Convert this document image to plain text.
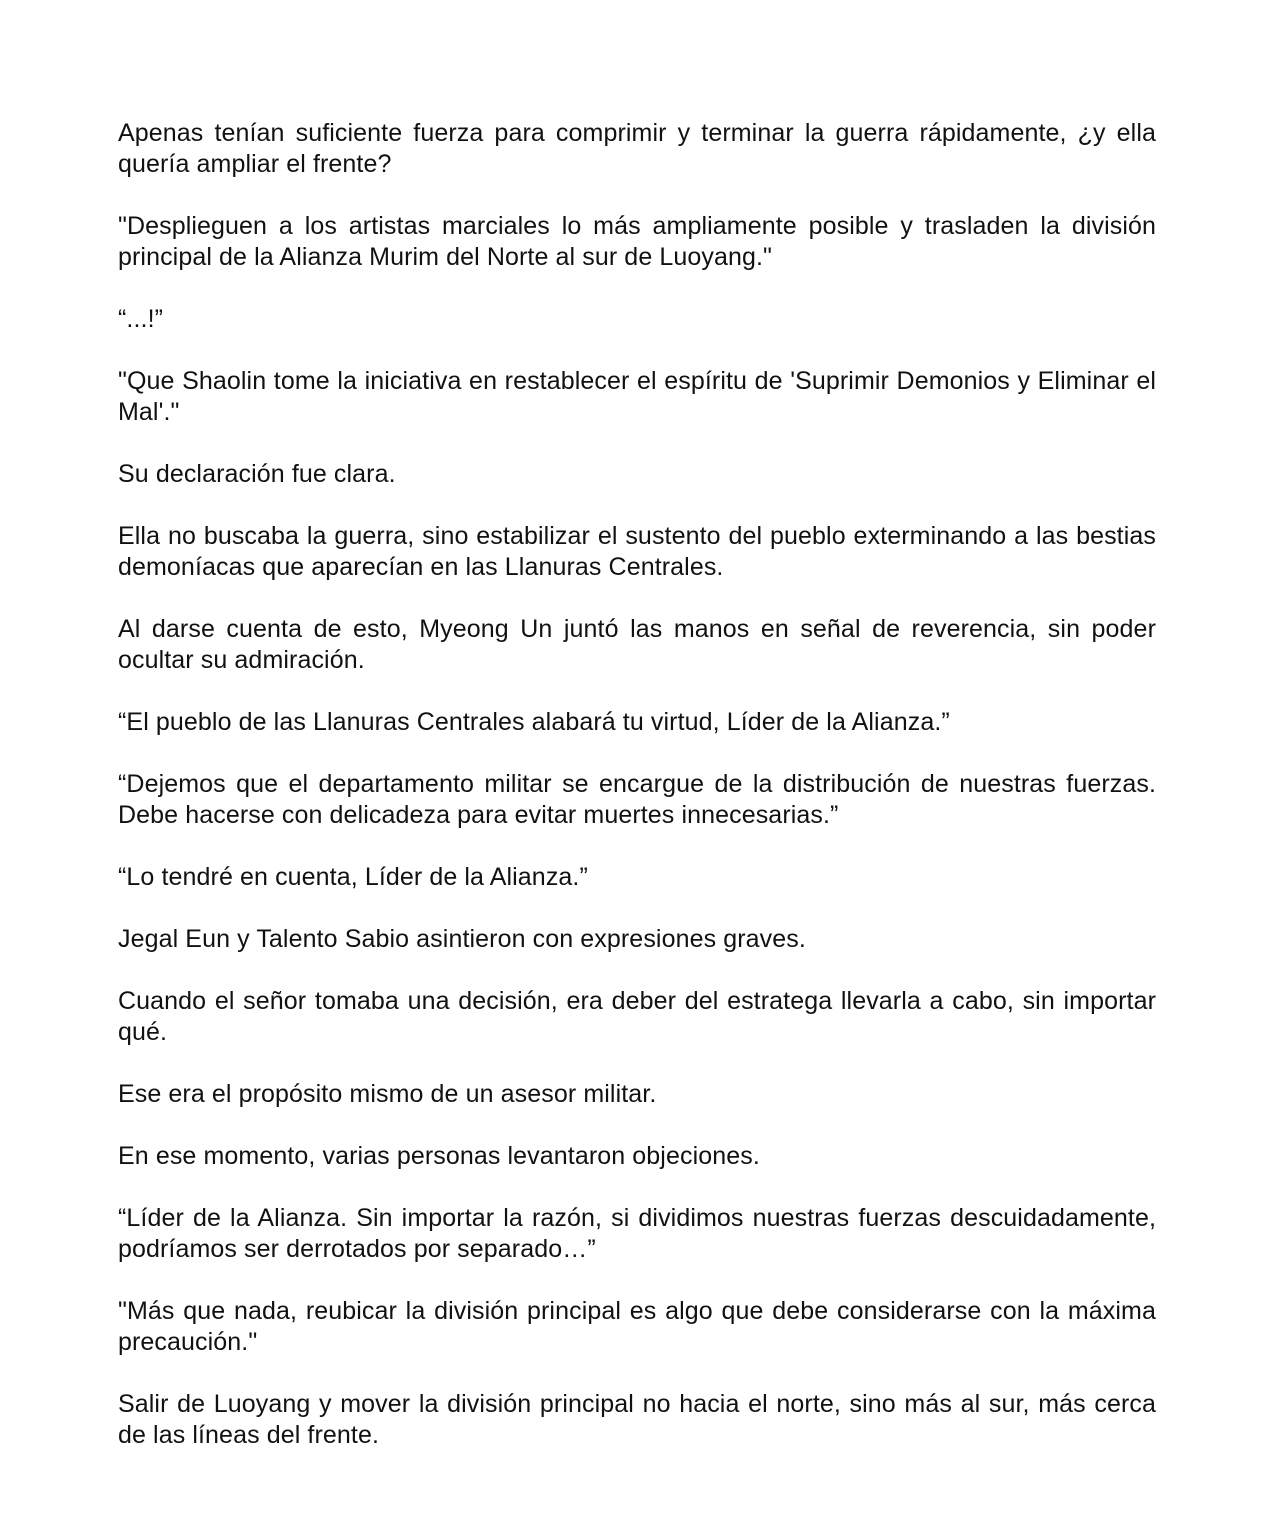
Apenas tenían suficiente fuerza para comprimir y terminar la guerra rápidamente, ¿y ella quería ampliar el frente?

"Desplieguen a los artistas marciales lo más ampliamente posible y trasladen la división principal de la Alianza Murim del Norte al sur de Luoyang."

“...!”

"Que Shaolin tome la iniciativa en restablecer el espíritu de 'Suprimir Demonios y Eliminar el Mal'."

Su declaración fue clara.

Ella no buscaba la guerra, sino estabilizar el sustento del pueblo exterminando a las bestias demoníacas que aparecían en las Llanuras Centrales.

Al darse cuenta de esto, Myeong Un juntó las manos en señal de reverencia, sin poder ocultar su admiración.

“El pueblo de las Llanuras Centrales alabará tu virtud, Líder de la Alianza.”

“Dejemos que el departamento militar se encargue de la distribución de nuestras fuerzas. Debe hacerse con delicadeza para evitar muertes innecesarias.”

“Lo tendré en cuenta, Líder de la Alianza.”

Jegal Eun y Talento Sabio asintieron con expresiones graves.

Cuando el señor tomaba una decisión, era deber del estratega llevarla a cabo, sin importar qué.

Ese era el propósito mismo de un asesor militar.

En ese momento, varias personas levantaron objeciones.

“Líder de la Alianza. Sin importar la razón, si dividimos nuestras fuerzas descuidadamente, podríamos ser derrotados por separado…”

"Más que nada, reubicar la división principal es algo que debe considerarse con la máxima precaución."

Salir de Luoyang y mover la división principal no hacia el norte, sino más al sur, más cerca de las líneas del frente.
